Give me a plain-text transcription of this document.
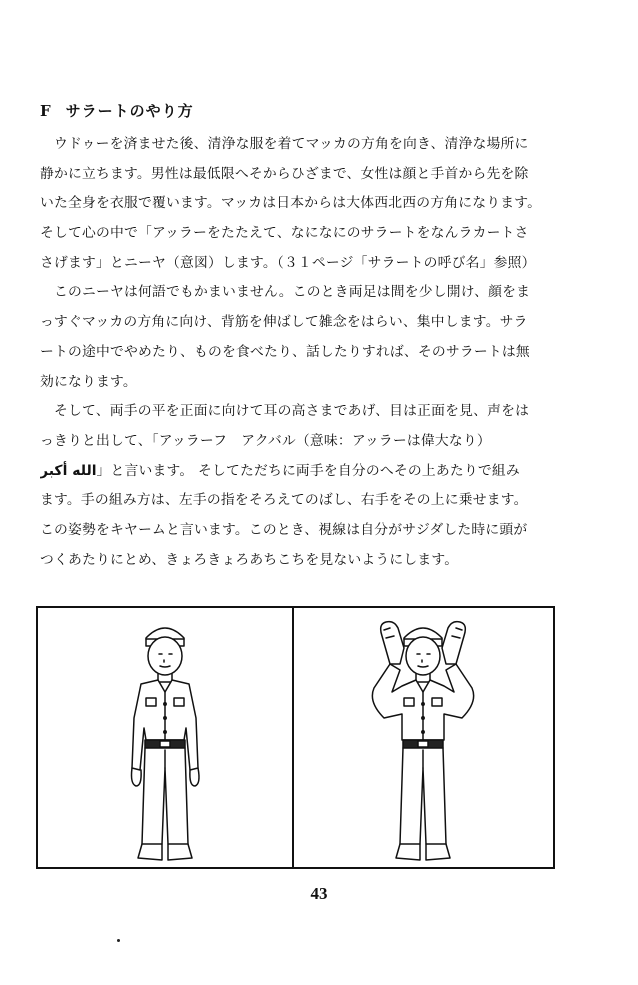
F サラートのやり方
　ウドゥーを済ませた後、清浄な服を着てマッカの方角を向き、清浄な場所に
静かに立ちます。男性は最低限へそからひざまで、女性は顔と手首から先を除
いた全身を衣服で覆います。マッカは日本からは大体西北西の方角になります。
そして心の中で「アッラーをたたえて、なになにのサラートをなんラカートさ
さげます」とニーヤ（意図）します。（３１ページ「サラートの呼び名」参照）
　このニーヤは何語でもかまいません。このとき両足は間を少し開け、顔をま
っすぐマッカの方角に向け、背筋を伸ばして雑念をはらい、集中します。サラ
ートの途中でやめたり、ものを食べたり、話したりすれば、そのサラートは無
効になります。
　そして、両手の平を正面に向けて耳の高さまであげ、目は正面を見、声をは
っきりと出して、「アッラーフ　アクバル（意味：アッラーは偉大なり）
الله أكبر」と言います。 そしてただちに両手を自分のへその上あたりで組み
ます。手の組み方は、左手の指をそろえてのばし、右手をその上に乗せます。
この姿勢をキヤームと言います。このとき、視線は自分がサジダした時に頭が
つくあたりにとめ、きょろきょろあちこちを見ないようにします。
43
